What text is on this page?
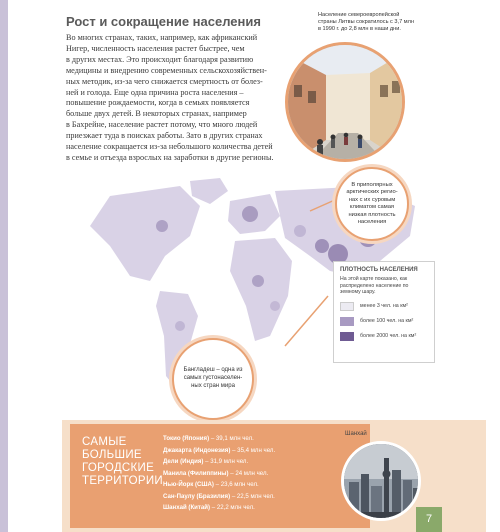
Рост и сокращение населения
Во многих странах, таких, например, как африканский
Нигер, численность населения растет быстрее, чем
в других местах. Это происходит благодаря развитию
медицины и внедрению современных сельскохозяйствен-
ных методик, из-за чего снижается смертность от болез-
ней и голода. Еще одна причина роста населения –
повышение рождаемости, когда в семьях появляется
больше двух детей. В некоторых странах, например
в Бахрейне, население растет потому, что много людей
приезжает туда в поисках работы. Зато в других странах
население сокращается из-за небольшого количества детей
в семье и отъезда взрослых на заработки в другие регионы.
Население североевропейской
страны Литвы сократилось с 3,7 млн
в 1990 г. до 2,8 млн в наши дни.
В приполярных
арктических регио-
нах с их суровым
климатом самая
низкая плотность
населения
Бангладеш – одна из
самых густонаселен-
ных стран мира
ПЛОТНОСТЬ НАСЕЛЕНИЯ
На этой карте показано, как
распределено население по
земному шару.
менее 3 чел. на км²
более 100 чел. на км²
более 2000 чел. на км²
САМЫЕ
БОЛЬШИЕ
ГОРОДСКИЕ
ТЕРРИТОРИИ
Токио (Япония) – 39,1 млн чел.
Джакарта (Индонезия) – 35,4 млн чел.
Дели (Индия) – 31,9 млн чел.
Манила (Филиппины) – 24 млн чел.
Нью-Йорк (США) – 23,6 млн чел.
Сан-Паулу (Бразилия) – 22,5 млн чел.
Шанхай (Китай) – 22,2 млн чел.
Шанхай
7
